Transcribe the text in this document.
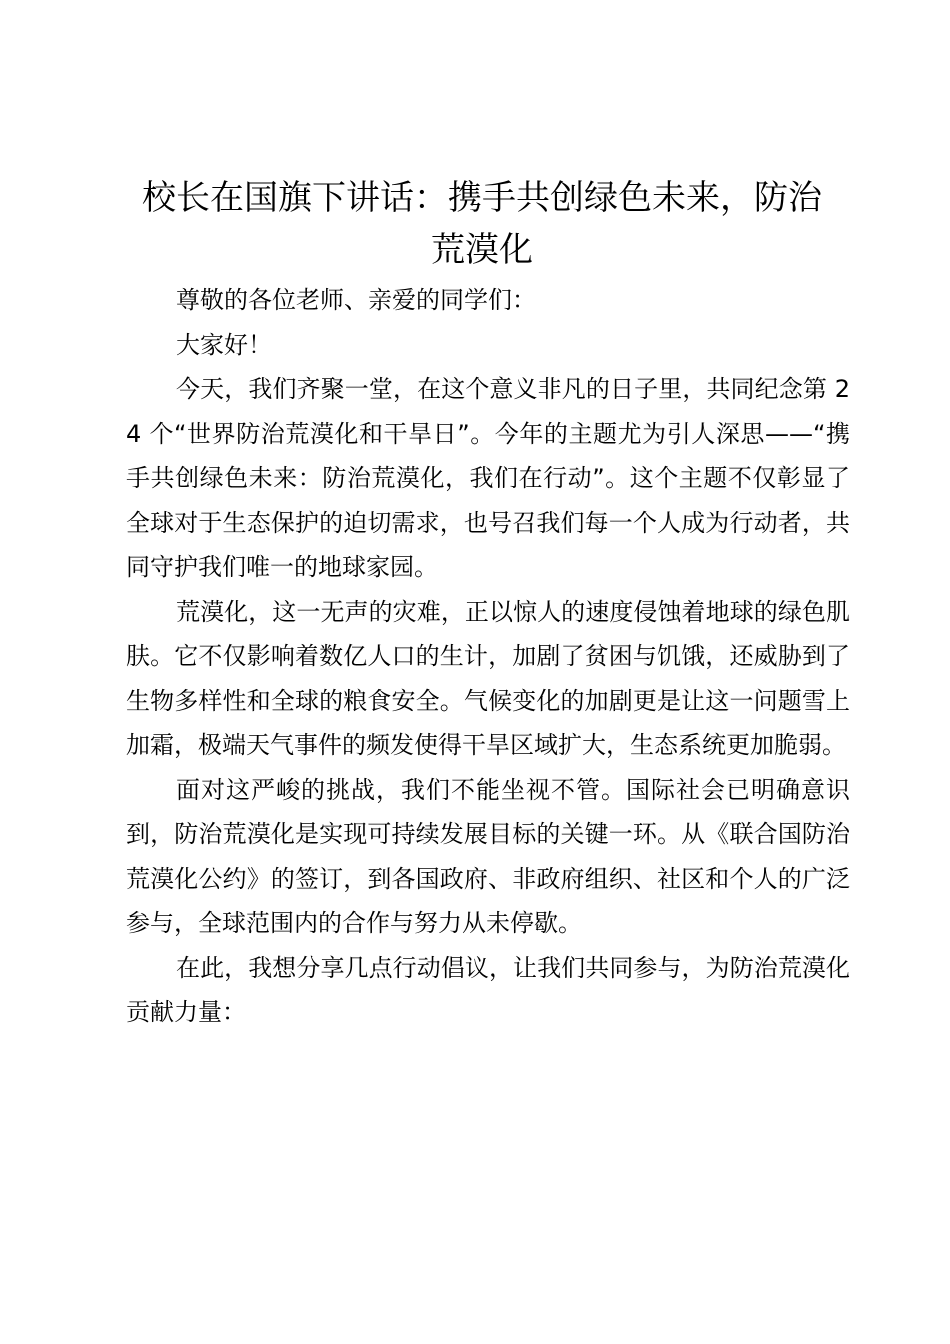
校长在国旗下讲话：携手共创绿色未来，防治荒漠化

尊敬的各位老师、亲爱的同学们：

大家好！

今天，我们齐聚一堂，在这个意义非凡的日子里，共同纪念第 24 个“世界防治荒漠化和干旱日”。今年的主题尤为引人深思——“携手共创绿色未来：防治荒漠化，我们在行动”。这个主题不仅彰显了全球对于生态保护的迫切需求，也号召我们每一个人成为行动者，共同守护我们唯一的地球家园。

荒漠化，这一无声的灾难，正以惊人的速度侵蚀着地球的绿色肌肤。它不仅影响着数亿人口的生计，加剧了贫困与饥饿，还威胁到了生物多样性和全球的粮食安全。气候变化的加剧更是让这一问题雪上加霜，极端天气事件的频发使得干旱区域扩大，生态系统更加脆弱。

面对这严峻的挑战，我们不能坐视不管。国际社会已明确意识到，防治荒漠化是实现可持续发展目标的关键一环。从《联合国防治荒漠化公约》的签订，到各国政府、非政府组织、社区和个人的广泛参与，全球范围内的合作与努力从未停歇。

在此，我想分享几点行动倡议，让我们共同参与，为防治荒漠化贡献力量：
